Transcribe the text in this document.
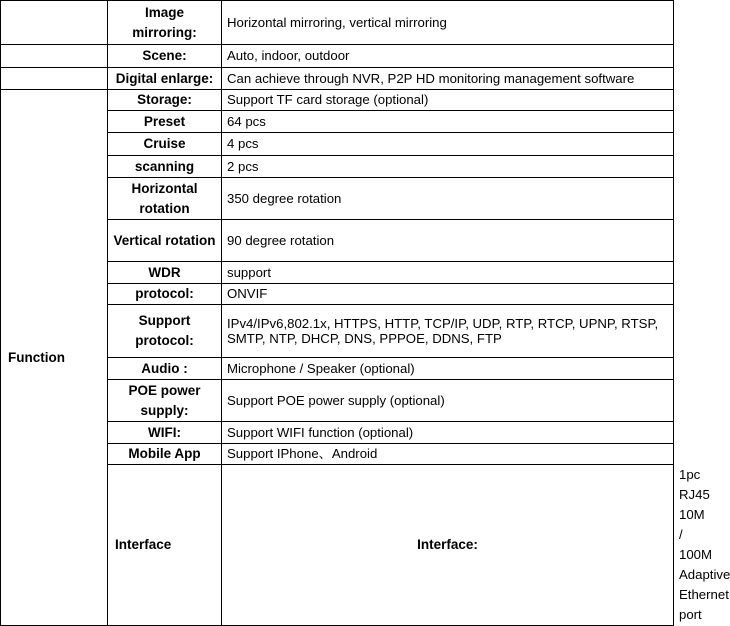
	Image mirroring:	Horizontal mirroring, vertical mirroring	
	Scene:	Auto, indoor, outdoor	
	Digital enlarge:	Can achieve through NVR, P2P HD monitoring management software	
Function	Storage:	Support TF card storage (optional)	
	Preset	64 pcs	
	Cruise	4 pcs	
	scanning	2 pcs	
	Horizontal rotation	350 degree rotation	
	Vertical rotation	90 degree rotation	
	WDR	support	
	protocol:	ONVIF	
	Support protocol:	IPv4/IPv6,802.1x, HTTPS, HTTP, TCP/IP, UDP, RTP, RTCP, UPNP, RTSP, SMTP, NTP, DHCP, DNS, PPPOE, DDNS, FTP	
	Audio :	Microphone / Speaker (optional)	
	POE power supply:	Support POE power supply (optional)	
	WIFI:	Support WIFI function (optional)	
	Mobile App	Support IPhone、Android	
	Interface	Interface:	1pc RJ45 10M / 100M Adaptive Ethernet port
